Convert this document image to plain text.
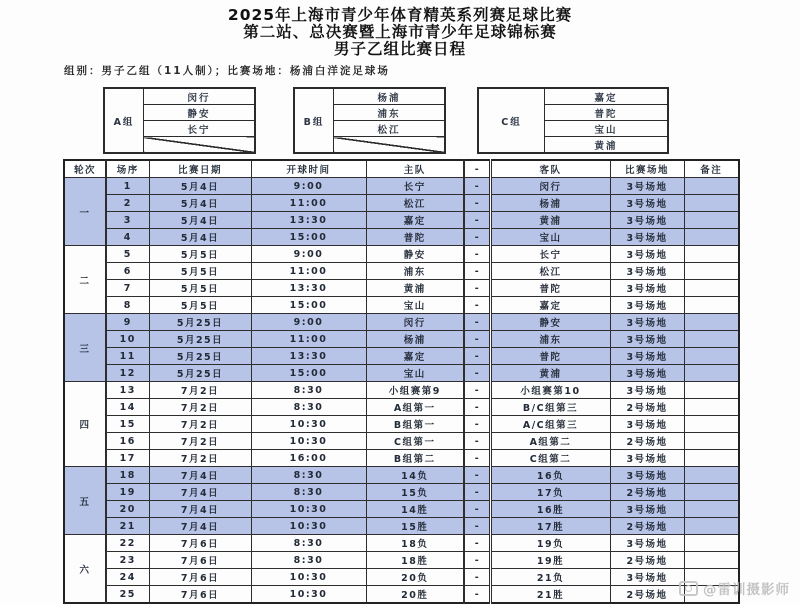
2025年上海市青少年体育精英系列赛足球比赛
第二站、总决赛暨上海市青少年足球锦标赛
男子乙组比赛日程
组别：男子乙组（11人制）；比赛场地：杨浦白洋淀足球场
A组	闵行
静安
长宁

B组	杨浦
浦东
松江

C组	嘉定
普陀
宝山
黄浦
轮次	场序	比赛日期	开球时间	主队	-	客队	比赛场地	备注
一	1	5月4日	9:00	长宁	-	闵行	3号场地	
	2	5月4日	11:00	松江	-	杨浦	3号场地	
	3	5月4日	13:30	嘉定	-	黄浦	3号场地	
	4	5月4日	15:00	普陀	-	宝山	3号场地	
二	5	5月5日	9:00	静安	-	长宁	3号场地	
	6	5月5日	11:00	浦东	-	松江	3号场地	
	7	5月5日	13:30	黄浦	-	普陀	3号场地	
	8	5月5日	15:00	宝山	-	嘉定	3号场地	
三	9	5月25日	9:00	闵行	-	静安	3号场地	
	10	5月25日	11:00	杨浦	-	浦东	3号场地	
	11	5月25日	13:30	嘉定	-	普陀	3号场地	
	12	5月25日	15:00	宝山	-	黄浦	3号场地	
四	13	7月2日	8:30	小组赛第9	-	小组赛第10	3号场地	
	14	7月2日	8:30	A组第一	-	B/C组第三	2号场地	
	15	7月2日	10:30	B组第一	-	A/C组第三	3号场地	
	16	7月2日	10:30	C组第一	-	A组第二	2号场地	
	17	7月2日	16:00	B组第二	-	C组第二	3号场地	
五	18	7月4日	8:30	14负	-	16负	3号场地	
	19	7月4日	8:30	15负	-	17负	2号场地	
	20	7月4日	10:30	14胜	-	16胜	3号场地	
	21	7月4日	10:30	15胜	-	17胜	2号场地	
六	22	7月6日	8:30	18负	-	19负	3号场地	
	23	7月6日	8:30	18胜	-	19胜	2号场地	
	24	7月6日	10:30	20负	-	21负	3号场地	
	25	7月6日	10:30	20胜	-	21胜	2号场地		@雷训摄影师
